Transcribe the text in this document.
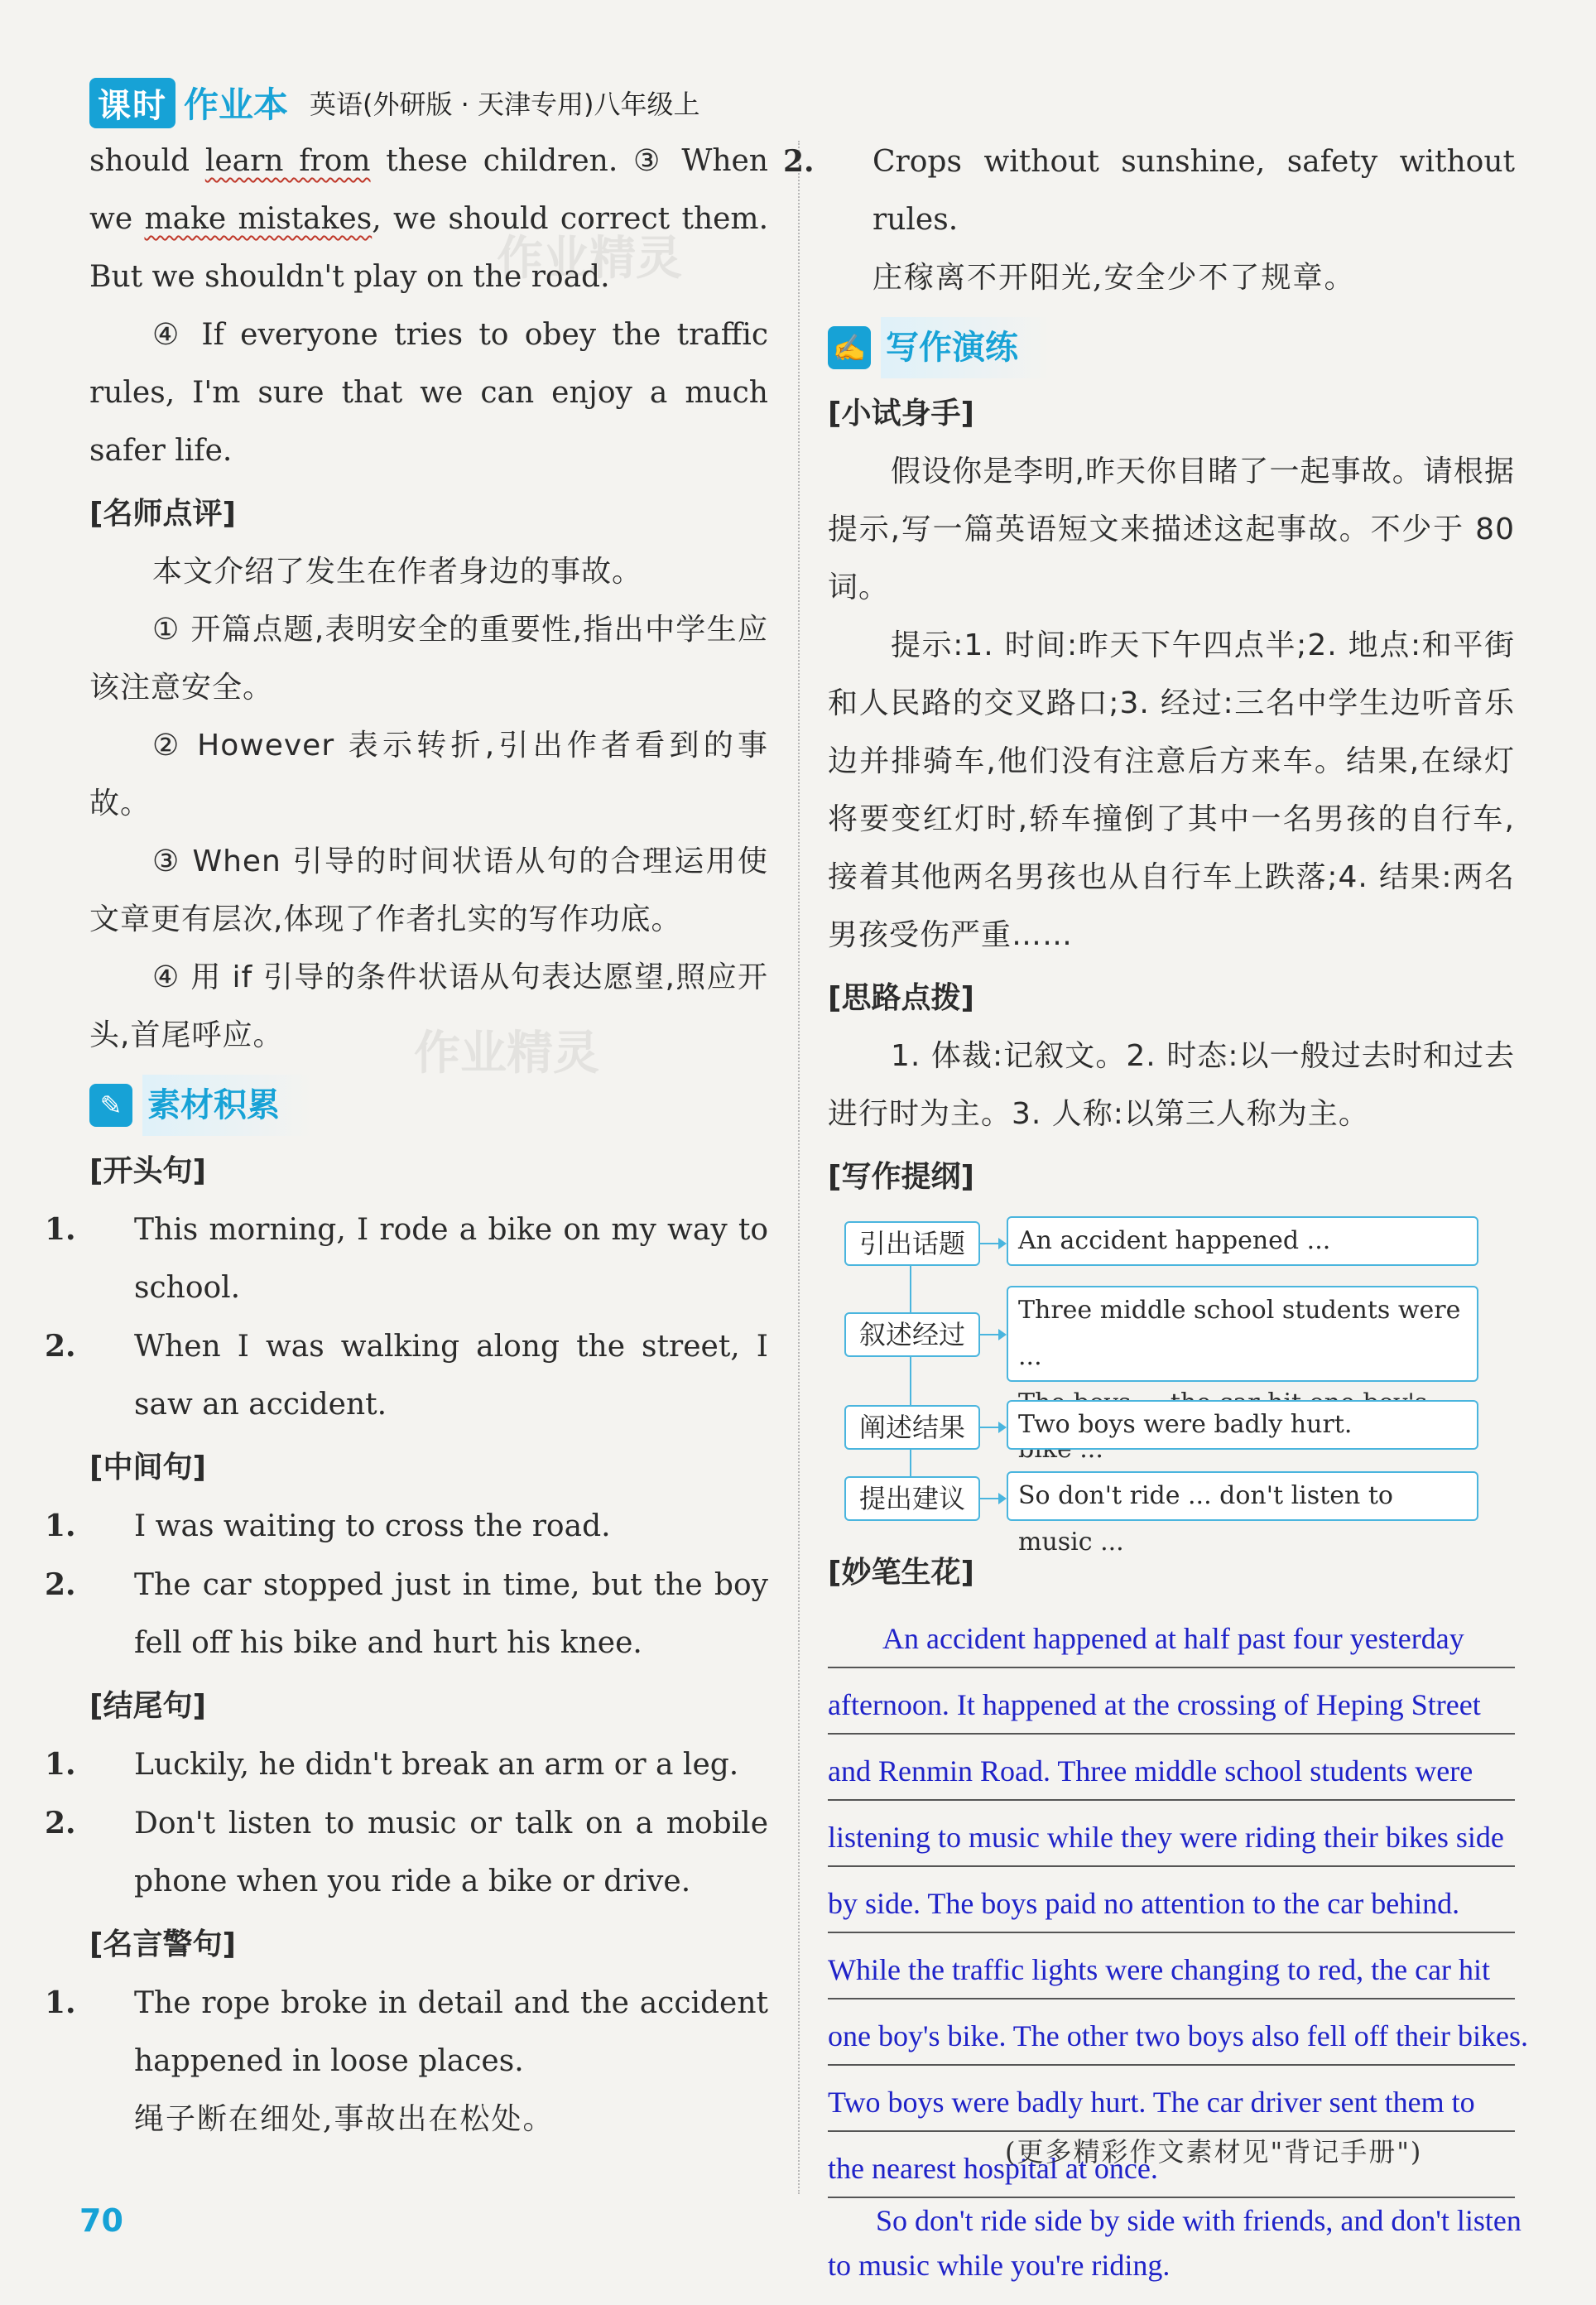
课时 作业本 英语(外研版 · 天津专用)八年级上
作业精灵
作业精灵

should learn from these children. ③ When we make mistakes, we should correct them. But we shouldn't play on the road.

④ If everyone tries to obey the traffic rules, I'm sure that we can enjoy a much safer life.

[名师点评]

本文介绍了发生在作者身边的事故。

① 开篇点题,表明安全的重要性,指出中学生应该注意安全。

② However 表示转折,引出作者看到的事故。

③ When 引导的时间状语从句的合理运用使文章更有层次,体现了作者扎实的写作功底。

④ 用 if 引导的条件状语从句表达愿望,照应开头,首尾呼应。

✎ 素材积累

[开头句]

1. This morning, I rode a bike on my way to school.

2. When I was walking along the street, I saw an accident.

[中间句]

1. I was waiting to cross the road.

2. The car stopped just in time, but the boy fell off his bike and hurt his knee.

[结尾句]

1. Luckily, he didn't break an arm or a leg.

2. Don't listen to music or talk on a mobile phone when you ride a bike or drive.

[名言警句]

1. The rope broke in detail and the accident happened in loose places.

绳子断在细处,事故出在松处。

2. Crops without sunshine, safety without rules.

庄稼离不开阳光,安全少不了规章。

✍ 写作演练

[小试身手]

假设你是李明,昨天你目睹了一起事故。请根据提示,写一篇英语短文来描述这起事故。不少于 80 词。

提示:1. 时间:昨天下午四点半;2. 地点:和平街和人民路的交叉路口;3. 经过:三名中学生边听音乐边并排骑车,他们没有注意后方来车。结果,在绿灯将要变红灯时,轿车撞倒了其中一名男孩的自行车,接着其他两名男孩也从自行车上跌落;4. 结果:两名男孩受伤严重……

[思路点拨]

1. 体裁:记叙文。2. 时态:以一般过去时和过去进行时为主。3. 人称:以第三人称为主。

[写作提纲]

引出话题	An accident happened ...
叙述经过
Three middle school students were ...
阐述结果	Two boys were badly hurt.
提出建议	So don't ride ... don't listen to music ...

[妙笔生花]

An accident happened at half past four yesterday
afternoon. It happened at the crossing of Heping Street
and Renmin Road. Three middle school students were
listening to music while they were riding their bikes side
by side. The boys paid no attention to the car behind.
While the traffic lights were changing to red, the car hit
one boy's bike. The other two boys also fell off their bikes.
Two boys were badly hurt. The car driver sent them to
the nearest hospital at once.
So don't ride side by side with friends, and don't listen
to music while you're riding.
(更多精彩作文素材见"背记手册")
70
